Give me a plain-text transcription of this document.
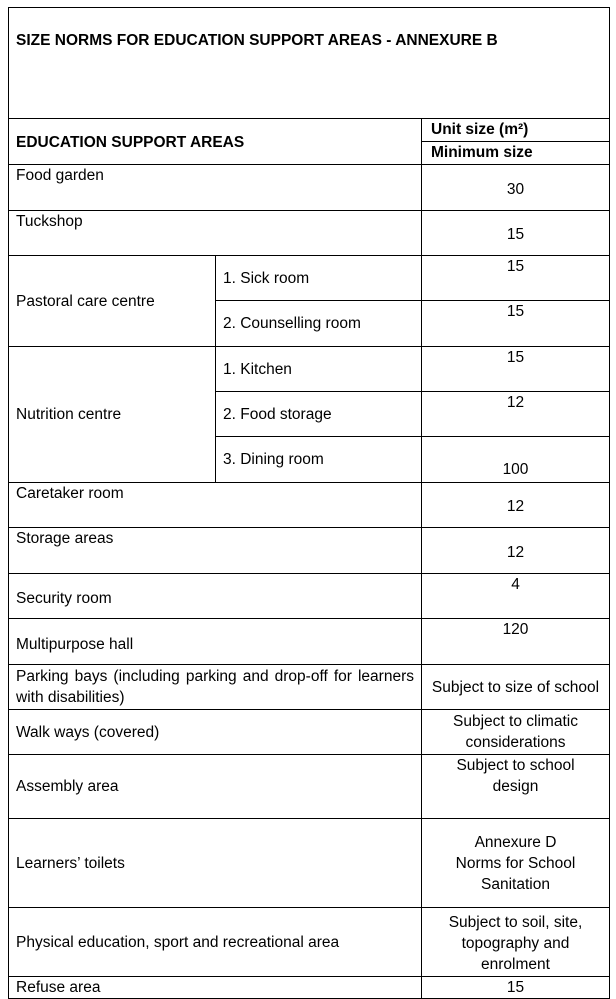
SIZE NORMS FOR EDUCATION SUPPORT AREAS - ANNEXURE B		
EDUCATION SUPPORT AREAS		Unit size (m²)
		Minimum size
Food garden		30
Tuckshop		15
Pastoral care centre	1. Sick room	15
	2. Counselling room	15
Nutrition centre	1. Kitchen	15
	2. Food storage	12
	3. Dining room	100
Caretaker room		12
Storage areas		12
Security room		4
Multipurpose hall		120
Parking bays (including parking and drop-off for learners with disabilities)		Subject to size of school
Walk ways (covered)		Subject to climatic considerations
Assembly area		Subject to school design
Learners’ toilets		Annexure D
Norms for School
Sanitation

Physical education, sport and recreational area		Subject to soil, site, topography and enrolment
Refuse area		15
